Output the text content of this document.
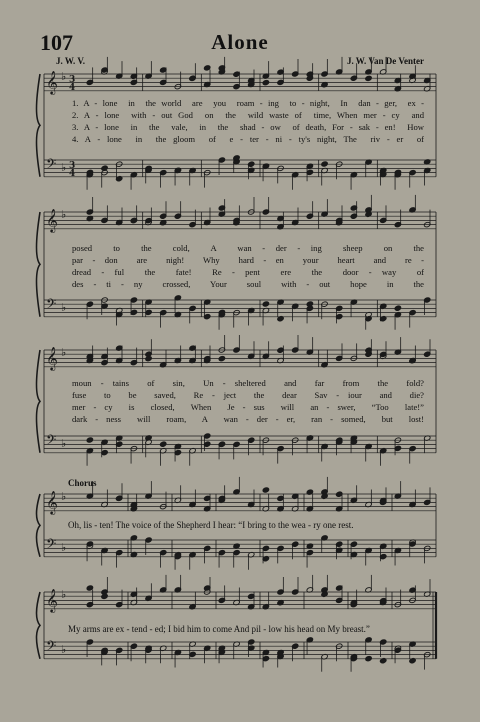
107	Alone
J. W. V.	J. W. Van De Venter
𝄞
𝄢
♭
♭
3
3
4
4
𝄞
𝄢
♭
♭
𝄞
𝄢
♭
♭
𝄞
𝄢
♭
♭
𝄞
𝄢
♭
♭
1. A - lone  in  the world  are  you  roam - ing  to - night,  In  dan - ger,  ex -
2. A - lone  with - out God  on  the  wild waste of  time, When mer - cy  and
3. A - lone  in  the  vale,  in  the  shad - ow  of death, For - sak - en!  How
4. A - lone  in  the gloom  of  e - ter - ni - ty's night, The  riv - er  of
posed  to  the  cold,  A  wan - der - ing  sheep  on  the
par - don  are  nigh!  Why  hard - en  your  heart  and  re -
dread - ful  the  fate!  Re - pent  ere  the  door - way  of
des - ti - ny  crossed,  Your  soul  with - out  hope  in  the
moun - tains  of  sin,  Un - sheltered  and  far  from  the  fold?
fuse  to  be  saved,  Re - ject  the  dear  Sav - iour  and  die?
mer - cy  is  closed,  When  Je - sus  will  an - swer,  “Too  late!”
dark - ness  will  roam,  A  wan - der - er,  ran - somed,  but  lost!
Chorus
Oh, lis - ten! The voice of the Shepherd I hear: “I bring to the wea - ry one rest.
My arms are ex - tend - ed; I bid him to come And pil - low his head on My breast.”
